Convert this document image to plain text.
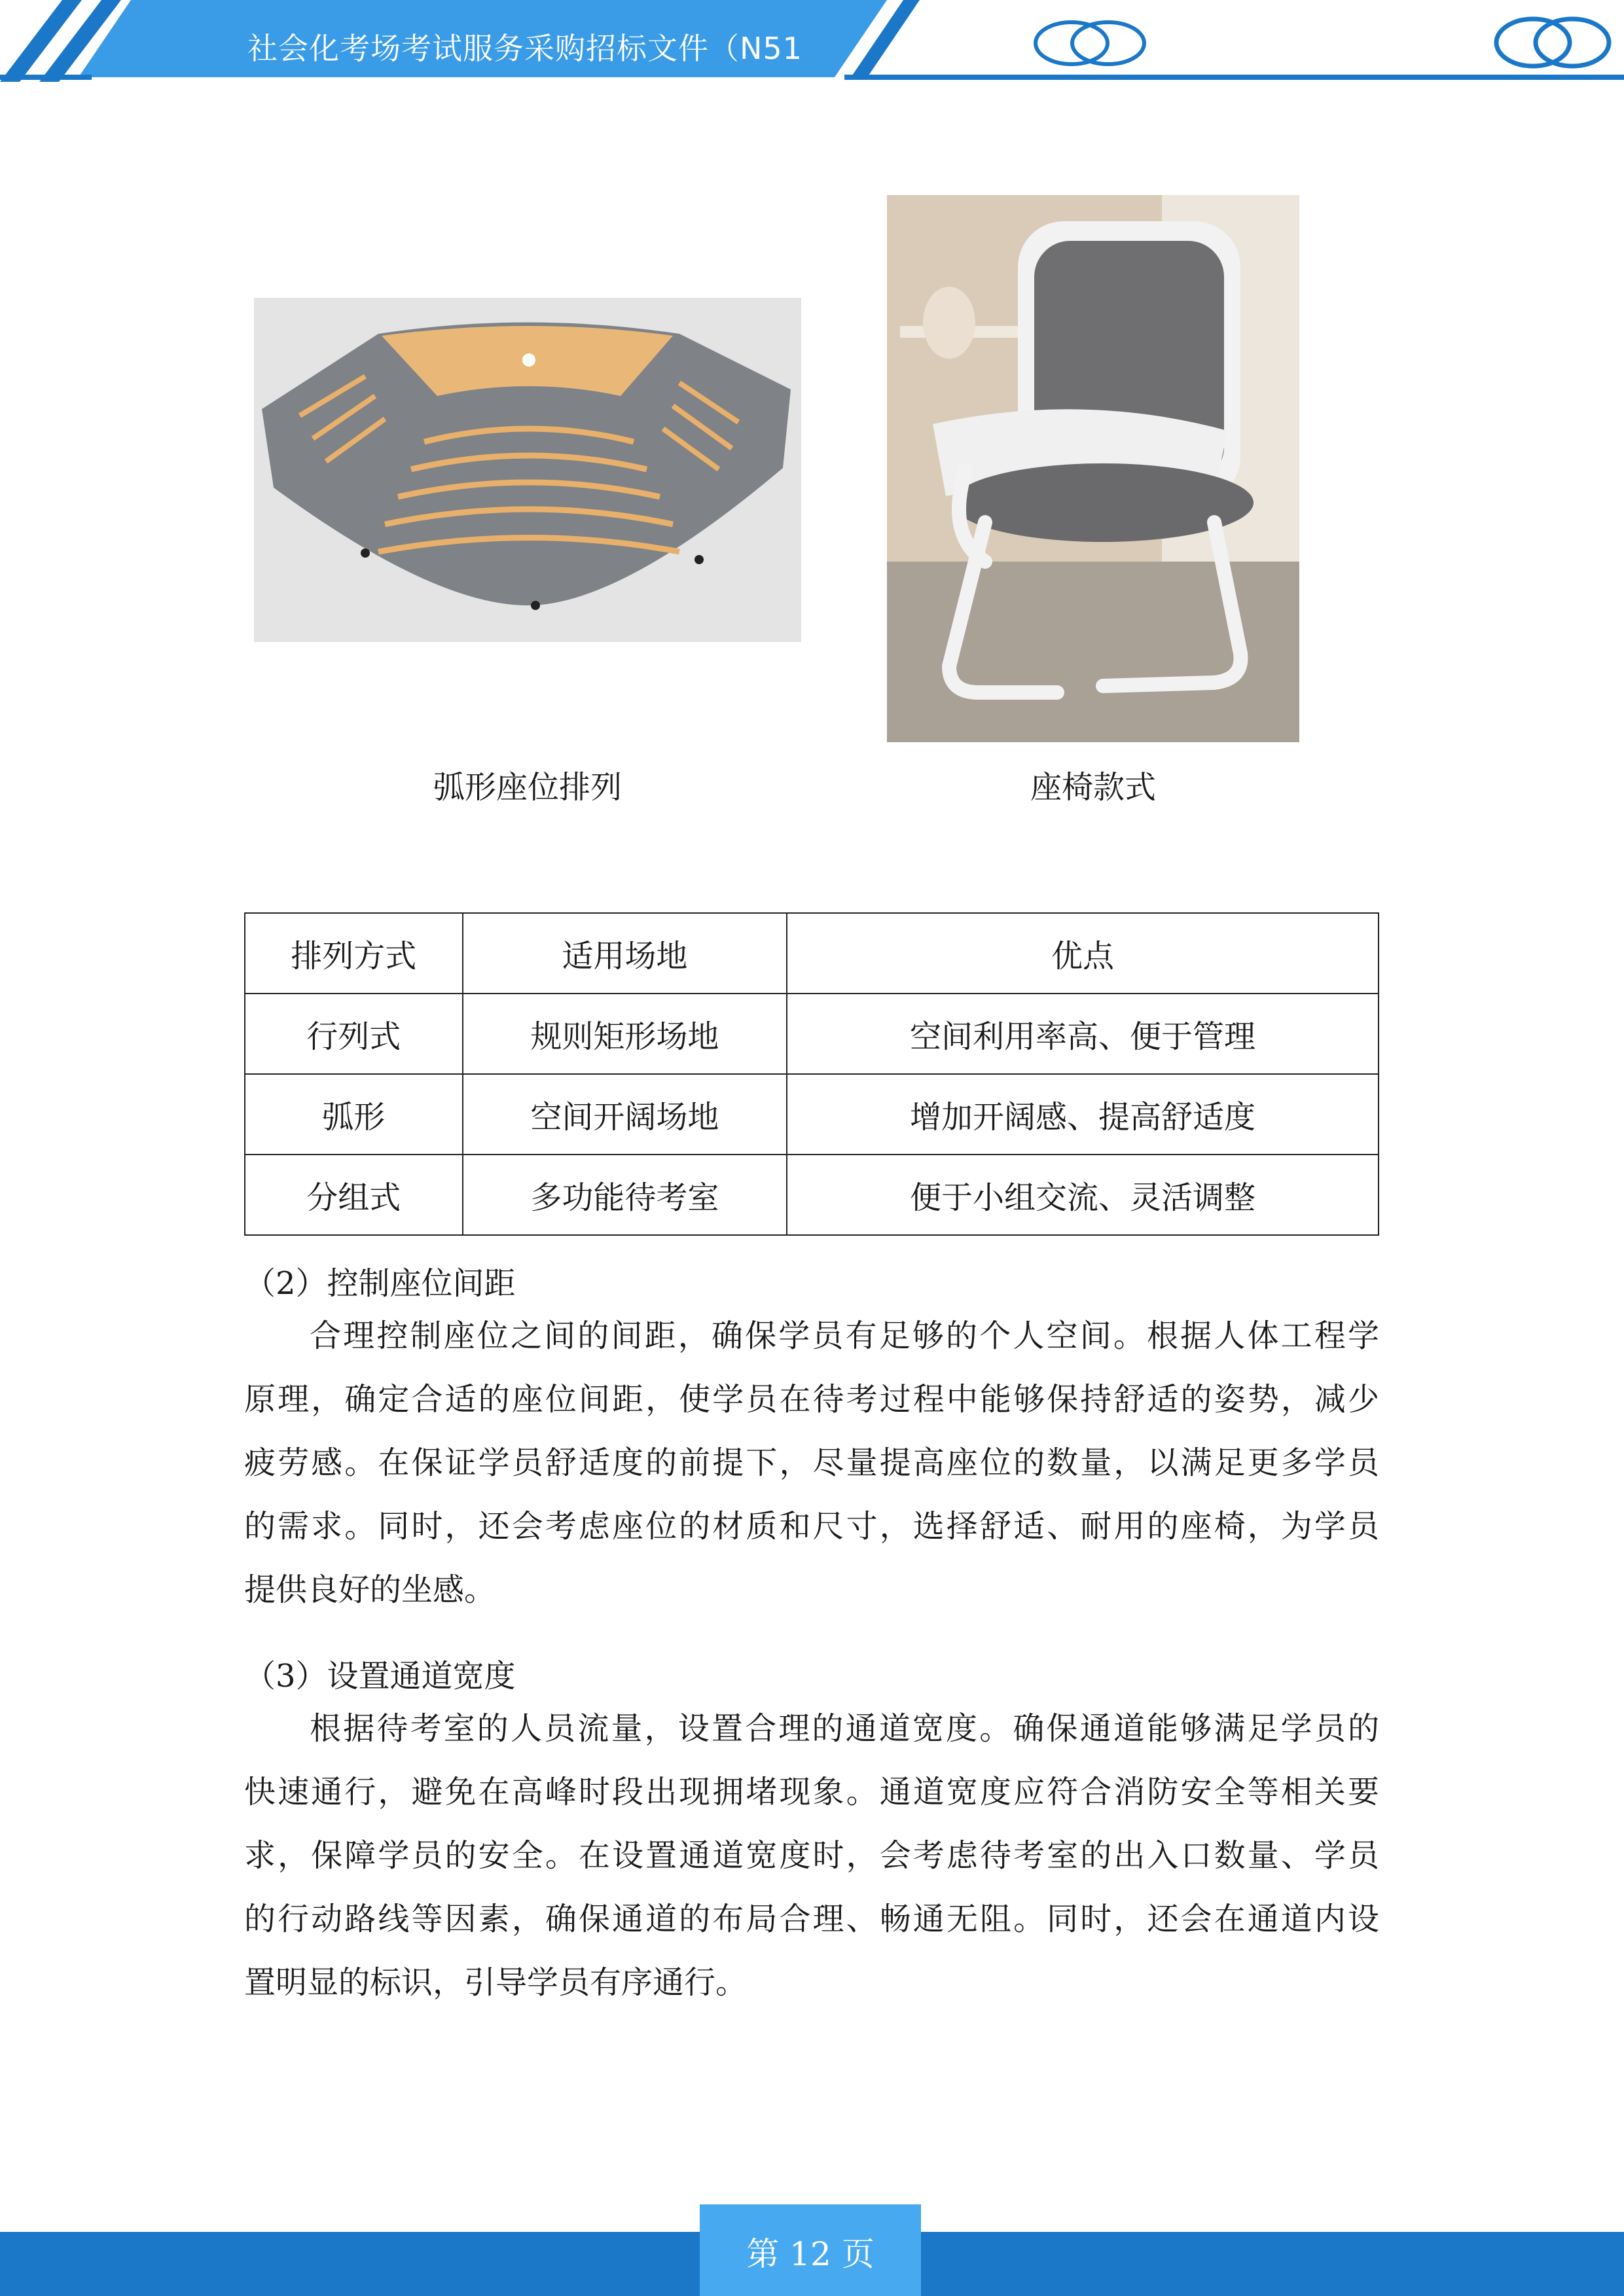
社会化考场考试服务采购招标文件（N51
弧形座位排列	座椅款式
排列方式	适用场地	优点
行列式	规则矩形场地	空间利用率高、便于管理
弧形	空间开阔场地	增加开阔感、提高舒适度
分组式	多功能待考室	便于小组交流、灵活调整
（2）控制座位间距
合理控制座位之间的间距，确保学员有足够的个人空间。根据人体工程学
原理，确定合适的座位间距，使学员在待考过程中能够保持舒适的姿势，减少
疲劳感。在保证学员舒适度的前提下，尽量提高座位的数量，以满足更多学员
的需求。同时，还会考虑座位的材质和尺寸，选择舒适、耐用的座椅，为学员
提供良好的坐感。
（3）设置通道宽度
根据待考室的人员流量，设置合理的通道宽度。确保通道能够满足学员的
快速通行，避免在高峰时段出现拥堵现象。通道宽度应符合消防安全等相关要
求，保障学员的安全。在设置通道宽度时，会考虑待考室的出入口数量、学员
的行动路线等因素，确保通道的布局合理、畅通无阻。同时，还会在通道内设
置明显的标识，引导学员有序通行。
第 12 页
